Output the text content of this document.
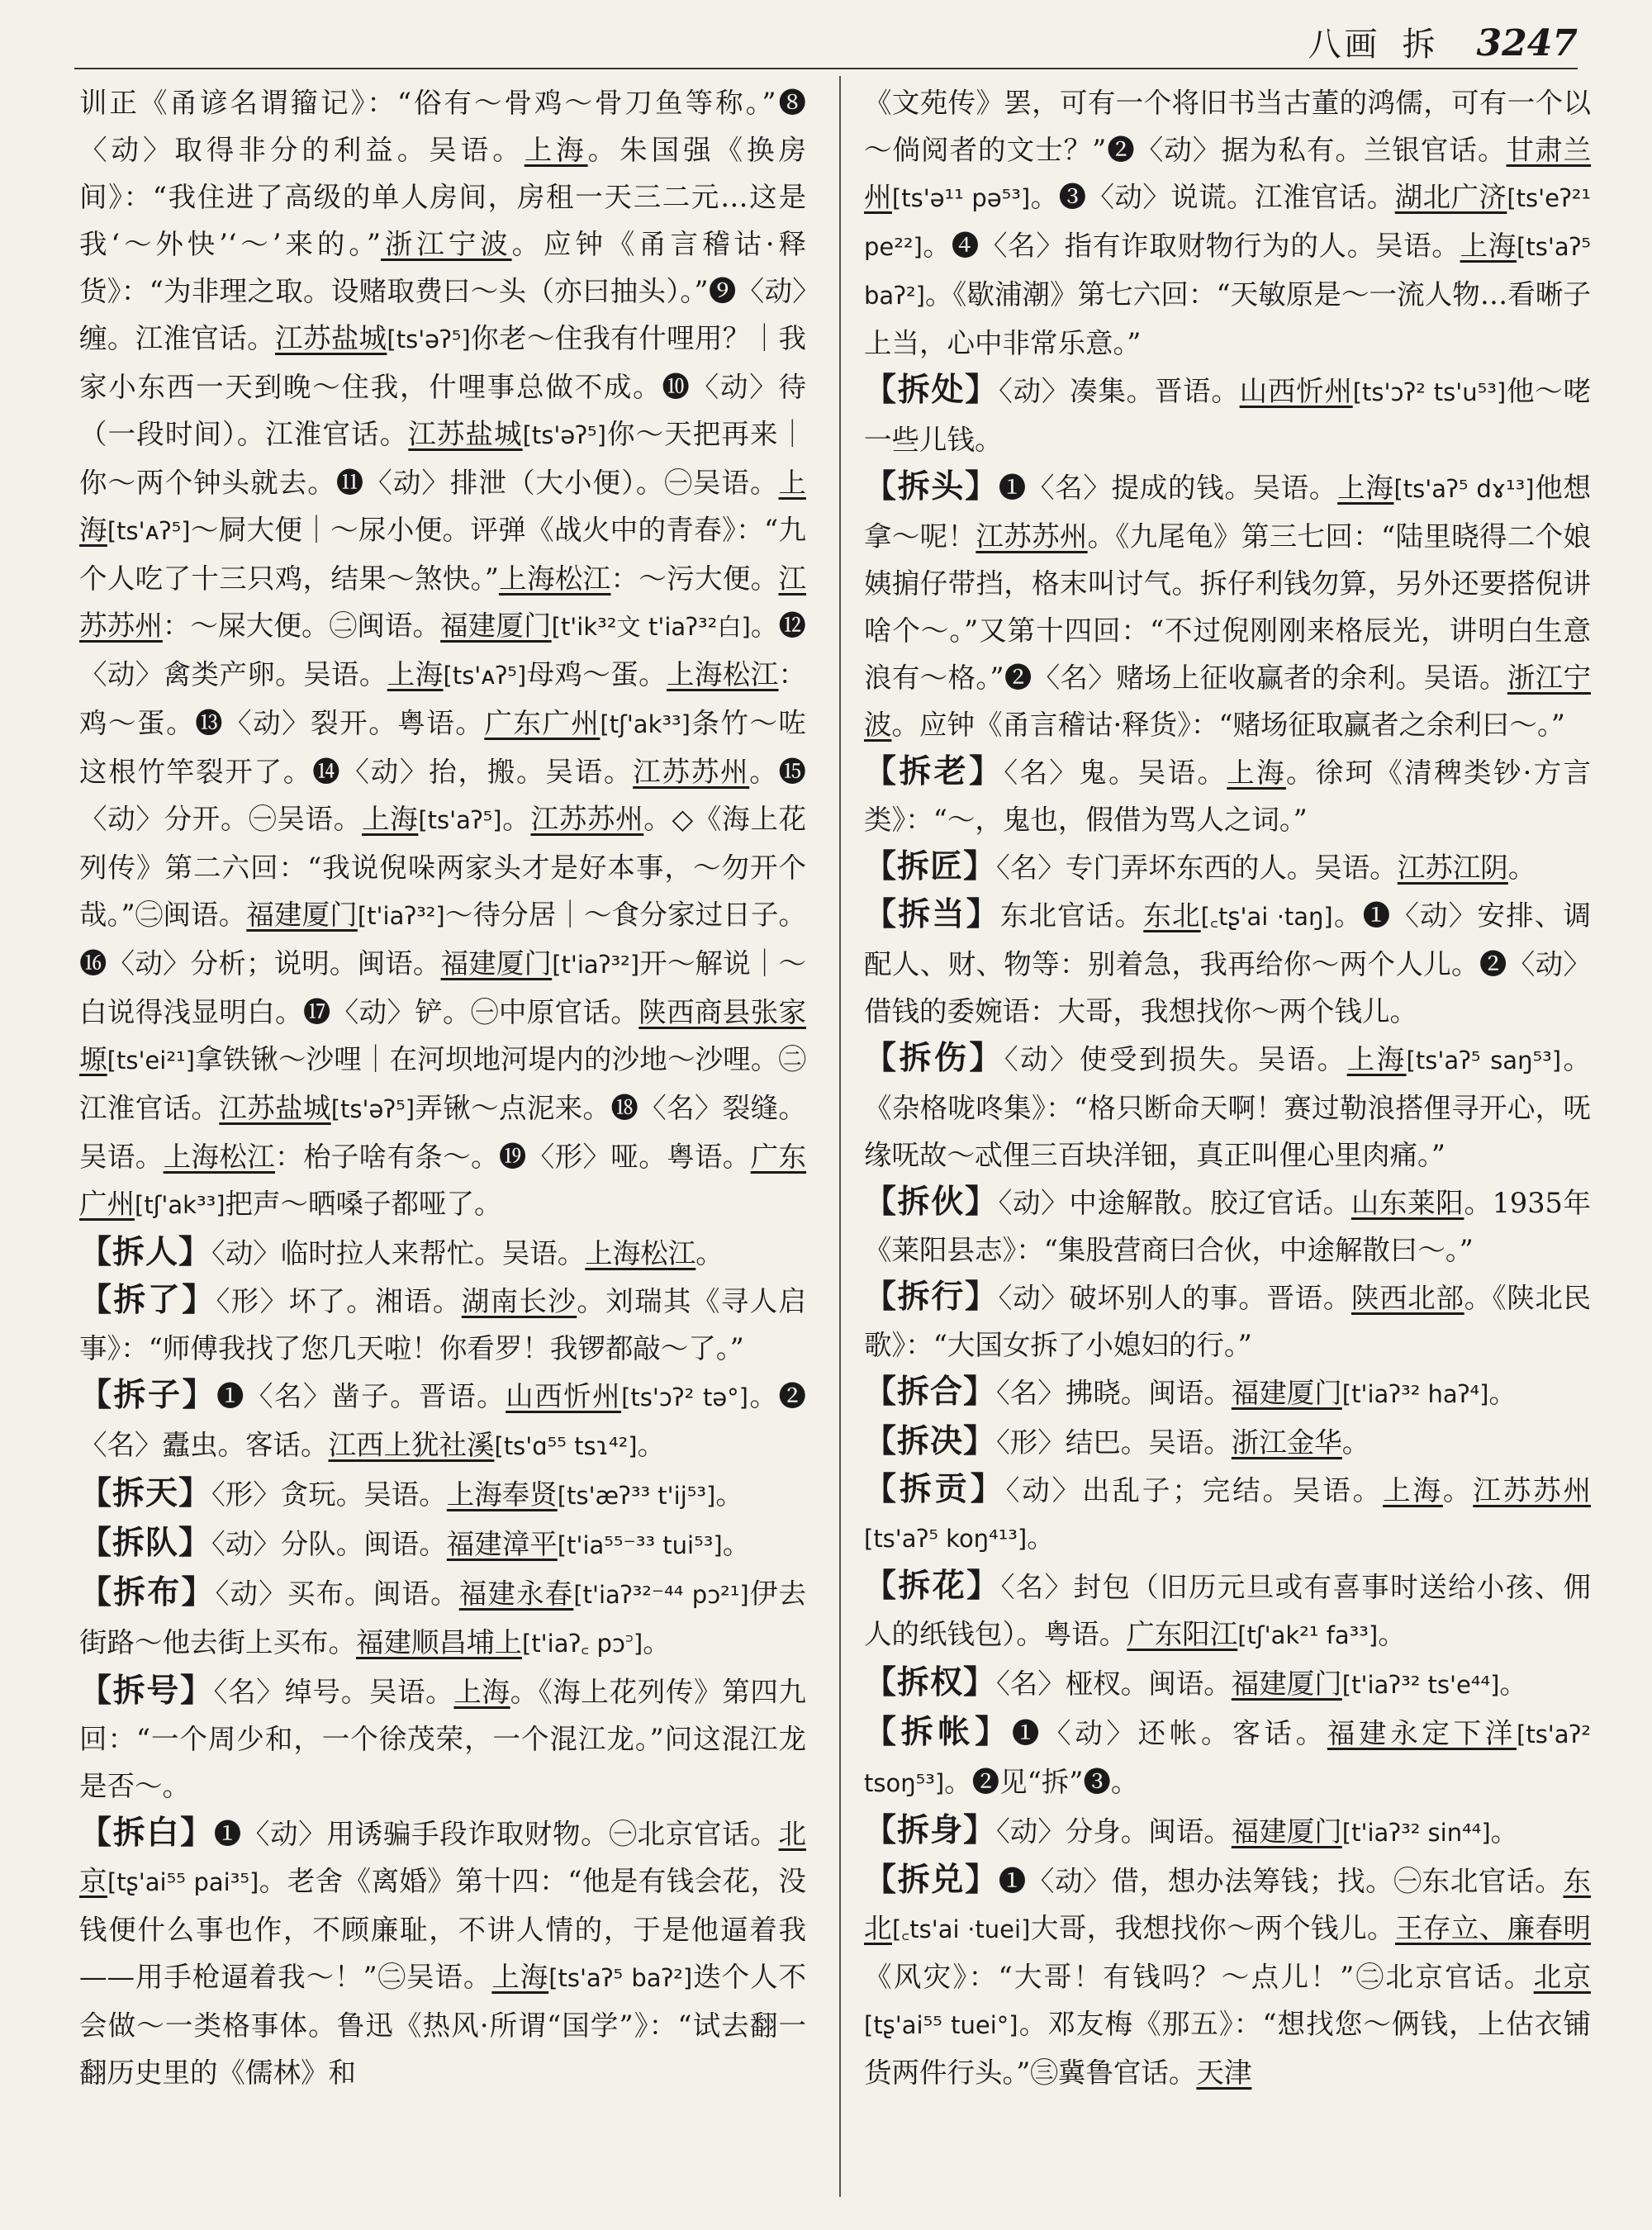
八画 拆 3247

训正《甬谚名谓籀记》：“俗有～骨鸡～骨刀鱼等称。”❽〈动〉取得非分的利益。吴语。上海。朱国强《换房间》：“我住进了高级的单人房间，房租一天三二元…这是我‘～外快’‘～’来的。”浙江宁波。应钟《甬言稽诂·释货》：“为非理之取。设赌取费曰～头（亦曰抽头）。”❾〈动〉缠。江淮官话。江苏盐城[ts'əʔ⁵]你老～住我有什哩用？｜我家小东西一天到晚～住我，什哩事总做不成。❿〈动〉待（一段时间）。江淮官话。江苏盐城[ts'əʔ⁵]你～天把再来｜你～两个钟头就去。⓫〈动〉排泄（大小便）。㊀吴语。上海[ts'ᴀʔ⁵]～屙大便｜～尿小便。评弹《战火中的青春》：“九个人吃了十三只鸡，结果～煞快。”上海松江：～污大便。江苏苏州：～屎大便。㊁闽语。福建厦门[t'ik³²文 t'iaʔ³²白]。⓬〈动〉禽类产卵。吴语。上海[ts'ᴀʔ⁵]母鸡～蛋。上海松江：鸡～蛋。⓭〈动〉裂开。粤语。广东广州[tʃ'ak³³]条竹～咗这根竹竿裂开了。⓮〈动〉抬，搬。吴语。江苏苏州。⓯〈动〉分开。㊀吴语。上海[ts'aʔ⁵]。江苏苏州。◇《海上花列传》第二六回：“我说倪哚两家头才是好本事，～勿开个哉。”㊁闽语。福建厦门[t'iaʔ³²]～待分居｜～食分家过日子。⓰〈动〉分析；说明。闽语。福建厦门[t'iaʔ³²]开～解说｜～白说得浅显明白。⓱〈动〉铲。㊀中原官话。陕西商县张家塬[ts'ei²¹]拿铁锹～沙哩｜在河坝地河堤内的沙地～沙哩。㊁江淮官话。江苏盐城[ts'əʔ⁵]弄锹～点泥来。⓲〈名〉裂缝。吴语。上海松江：枱子啥有条～。⓳〈形〉哑。粤语。广东广州[tʃ'ak³³]把声～晒嗓子都哑了。

【拆人】〈动〉临时拉人来帮忙。吴语。上海松江。

【拆了】〈形〉坏了。湘语。湖南长沙。刘瑞其《寻人启事》：“师傅我找了您几天啦！你看罗！我锣都敲～了。”

【拆子】❶〈名〉凿子。晋语。山西忻州[ts'ɔʔ² tə°]。❷〈名〉蠹虫。客话。江西上犹社溪[ts'ɑ⁵⁵ tsɿ⁴²]。

【拆天】〈形〉贪玩。吴语。上海奉贤[ts'æʔ³³ t'ij⁵³]。

【拆队】〈动〉分队。闽语。福建漳平[t'ia⁵⁵⁻³³ tui⁵³]。

【拆布】〈动〉买布。闽语。福建永春[t'iaʔ³²⁻⁴⁴ pɔ²¹]伊去街路～他去街上买布。福建顺昌埔上[t'iaʔ꜀ pɔ꜄]。

【拆号】〈名〉绰号。吴语。上海。《海上花列传》第四九回：“一个周少和，一个徐茂荣，一个混江龙。”问这混江龙是否～。

【拆白】❶〈动〉用诱骗手段诈取财物。㊀北京官话。北京[tʂ'ai⁵⁵ pai³⁵]。老舍《离婚》第十四：“他是有钱会花，没钱便什么事也作，不顾廉耻，不讲人情的，于是他逼着我——用手枪逼着我～！”㊁吴语。上海[ts'aʔ⁵ baʔ²]迭个人不会做～一类格事体。鲁迅《热风·所谓“国学”》：“试去翻一翻历史里的《儒林》和

《文苑传》罢，可有一个将旧书当古董的鸿儒，可有一个以～倘阅者的文士？”❷〈动〉据为私有。兰银官话。甘肃兰州[ts'ə¹¹ pə⁵³]。❸〈动〉说谎。江淮官话。湖北广济[ts'eʔ²¹ pe²²]。❹〈名〉指有诈取财物行为的人。吴语。上海[ts'aʔ⁵ baʔ²]。《歇浦潮》第七六回：“天敏原是～一流人物…看晰子上当，心中非常乐意。”

【拆处】〈动〉凑集。晋语。山西忻州[ts'ɔʔ² ts'u⁵³]他～咾一些儿钱。

【拆头】❶〈名〉提成的钱。吴语。上海[ts'aʔ⁵ dɤ¹³]他想拿～呢！江苏苏州。《九尾龟》第三七回：“陆里晓得二个娘姨掮仔带挡，格末叫讨气。拆仔利钱勿算，另外还要搭倪讲啥个～。”又第十四回：“不过倪刚刚来格辰光，讲明白生意浪有～格。”❷〈名〉赌场上征收赢者的余利。吴语。浙江宁波。应钟《甬言稽诂·释货》：“赌场征取赢者之余利曰～。”

【拆老】〈名〉鬼。吴语。上海。徐珂《清稗类钞·方言类》：“～，鬼也，假借为骂人之词。”

【拆匠】〈名〉专门弄坏东西的人。吴语。江苏江阴。

【拆当】东北官话。东北[꜀tʂ'ai ·taŋ]。❶〈动〉安排、调配人、财、物等：别着急，我再给你～两个人儿。❷〈动〉借钱的委婉语：大哥，我想找你～两个钱儿。

【拆伤】〈动〉使受到损失。吴语。上海[ts'aʔ⁵ saŋ⁵³]。《杂格咙咚集》：“格只断命天啊！赛过勒浪搭俚寻开心，呒缘呒故～忒俚三百块洋钿，真正叫俚心里肉痛。”

【拆伙】〈动〉中途解散。胶辽官话。山东莱阳。1935年《莱阳县志》：“集股营商曰合伙，中途解散曰～。”

【拆行】〈动〉破坏别人的事。晋语。陕西北部。《陕北民歌》：“大国女拆了小媳妇的行。”

【拆合】〈名〉拂晓。闽语。福建厦门[t'iaʔ³² haʔ⁴]。

【拆决】〈形〉结巴。吴语。浙江金华。

【拆贡】〈动〉出乱子；完结。吴语。上海。江苏苏州[ts'aʔ⁵ koŋ⁴¹³]。

【拆花】〈名〉封包（旧历元旦或有喜事时送给小孩、佣人的纸钱包）。粤语。广东阳江[tʃ'ak²¹ fa³³]。

【拆权】〈名〉桠杈。闽语。福建厦门[t'iaʔ³² ts'e⁴⁴]。

【拆帐】❶〈动〉还帐。客话。福建永定下洋[ts'aʔ² tsoŋ⁵³]。❷见“拆”❸。

【拆身】〈动〉分身。闽语。福建厦门[t'iaʔ³² sin⁴⁴]。

【拆兑】❶〈动〉借，想办法筹钱；找。㊀东北官话。东北[꜀ts'ai ·tuei]大哥，我想找你～两个钱儿。王存立、廉春明《风灾》：“大哥！有钱吗？～点儿！”㊁北京官话。北京[tʂ'ai⁵⁵ tuei°]。邓友梅《那五》：“想找您～俩钱，上估衣铺货两件行头。”㊂冀鲁官话。天津
